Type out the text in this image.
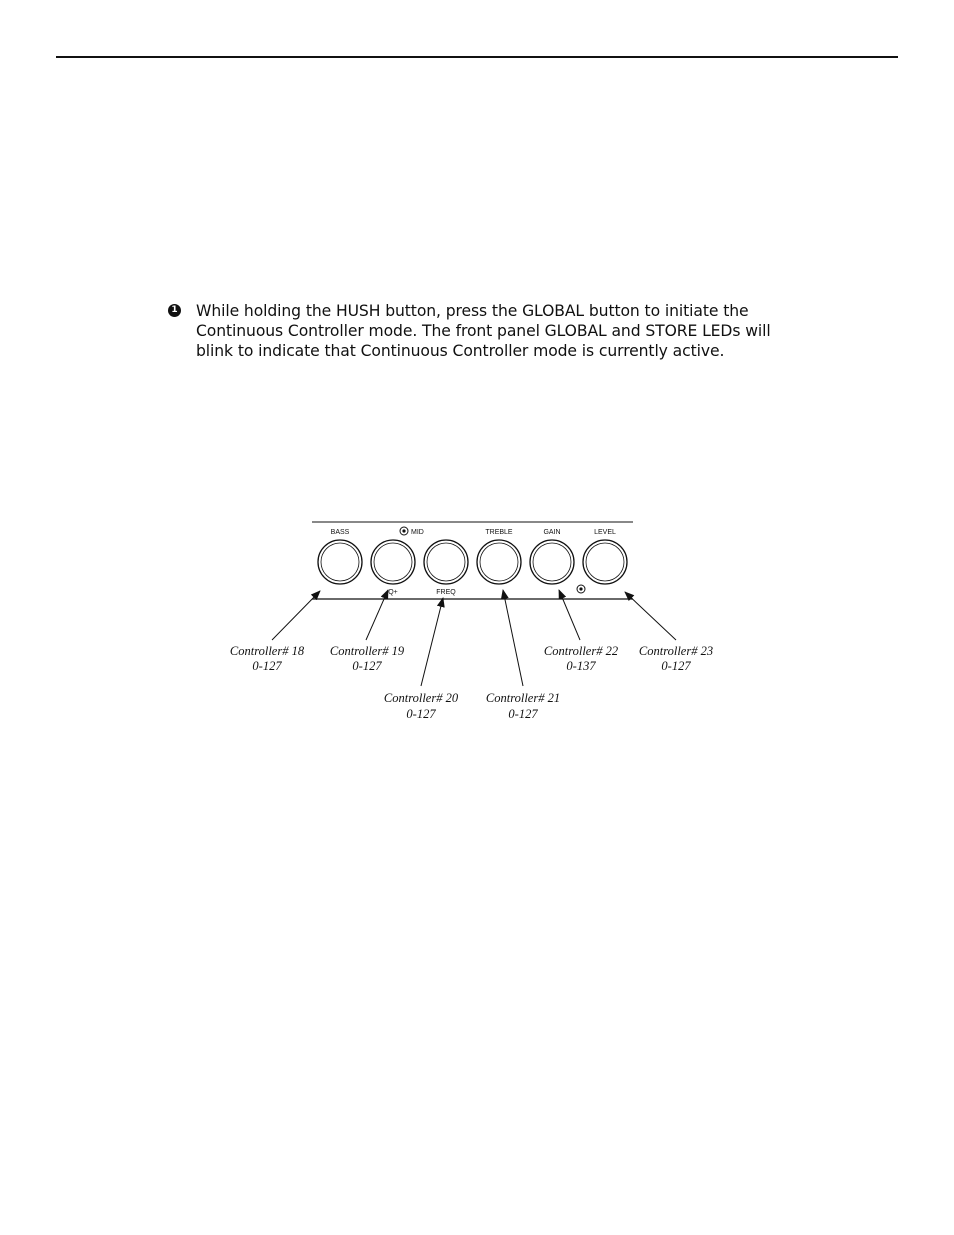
1 While holding the HUSH button, press the GLOBAL button to initiate the
Continuous Controller mode. The front panel GLOBAL and STORE LEDs will
blink to indicate that Continuous Controller mode is currently active.
BASS	MID	TREBLE	GAIN	LEVEL
Q+	FREQ
Controller# 18
0-127
Controller# 19
0-127
Controller# 20
0-127
Controller# 21
0-127
Controller# 22
0-137
Controller# 23
0-127
